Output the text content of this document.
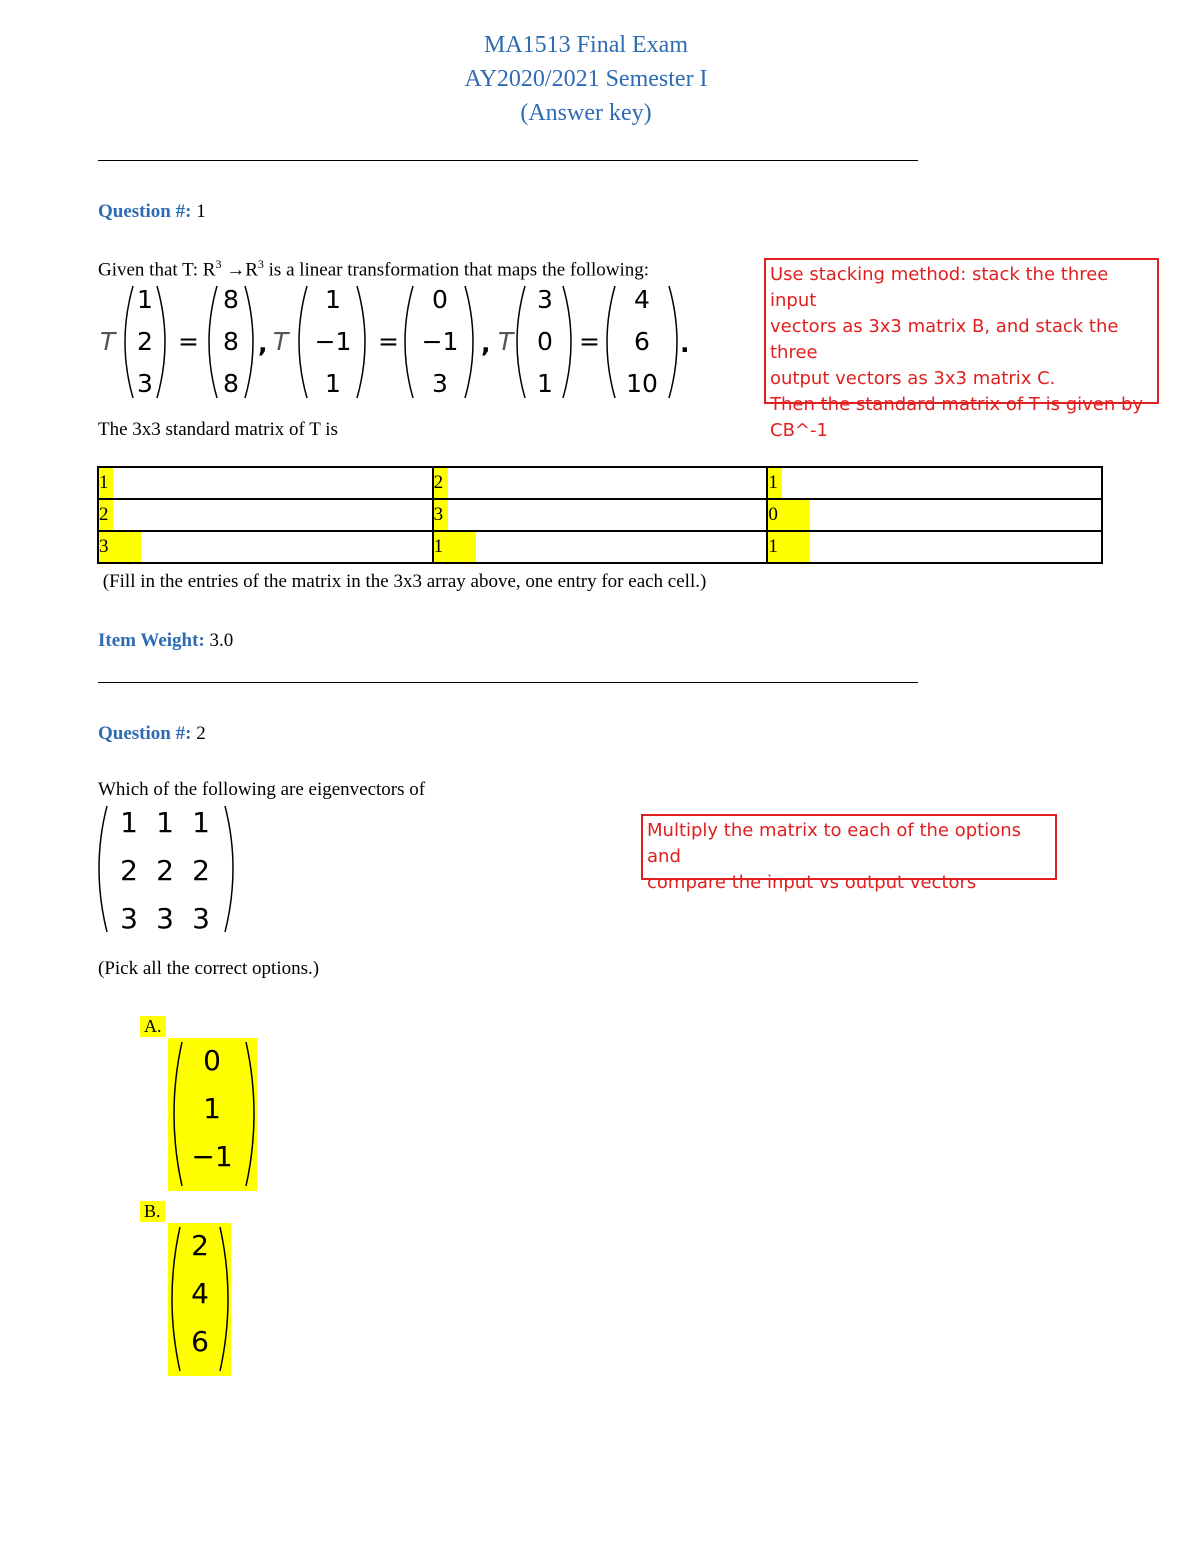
MA1513 Final Exam
AY2020/2021 Semester I
(Answer key)
Question #: 1
Given that T: $R^3 \to R^3$ is a linear transformation that maps the following:
T
1
2
3
=
8
8
8
, T
1
−1
1
=
0
−1
3
, T
3
0
1
=
4
6
10
.
Use stacking method: stack the three input
vectors as 3x3 matrix B, and stack the three
output vectors as 3x3 matrix C.
Then the standard matrix of T is given by
CB^-1
The 3x3 standard matrix of T is
1	2	1
2	3	0
3	1	1
(Fill in the entries of the matrix in the 3x3 array above, one entry for each cell.)
Item Weight: 3.0
Question #: 2
Which of the following are eigenvectors of
1 1 1
2 2 2
3 3 3
Multiply the matrix to each of the options and
compare the input vs output vectors
(Pick all the correct options.)
A.
0
1
−1
B.
2
4
6
